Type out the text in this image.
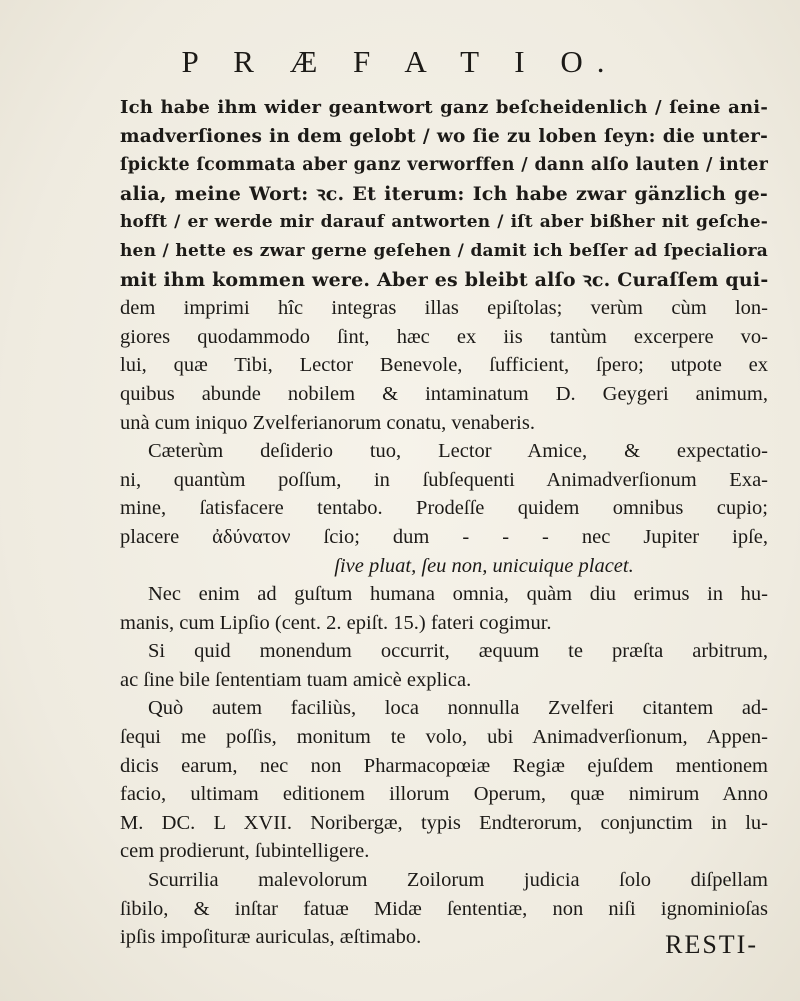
P R Æ F A T I O.
Ich habe ihm wider geantwort ganz beſcheidenlich / ſeine ani-
madverſiones in dem gelobt / wo ſie zu loben ſeyn: die unter-
ſpickte ſcommata aber ganz verworffen / dann alſo lauten / inter
alia, meine Wort: ꝛc. Et iterum: Ich habe zwar gänzlich ge-
hofft / er werde mir darauf antworten / iſt aber bißher nit geſche-
hen / hette es zwar gerne geſehen / damit ich beſſer ad ſpecialiora
mit ihm kommen were. Aber es bleibt alſo ꝛc. Curaſſem qui-
dem imprimi hîc integras illas epiſtolas; verùm cùm lon-
giores quodammodo ſint, hæc ex iis tantùm excerpere vo-
lui, quæ Tibi, Lector Benevole, ſufficient, ſpero; utpote ex
quibus abunde nobilem & intaminatum D. Geygeri animum,
unà cum iniquo Zvelferianorum conatu, venaberis.
Cæterùm deſiderio tuo, Lector Amice, & expectatio-
ni, quantùm poſſum, in ſubſequenti Animadverſionum Exa-
mine, ſatisfacere tentabo. Prodeſſe quidem omnibus cupio;
placere ἀδύνατον ſcio; dum - - - nec Jupiter ipſe,
ſive pluat, ſeu non, unicuique placet.
Nec enim ad guſtum humana omnia, quàm diu erimus in hu-
manis, cum Lipſio (cent. 2. epiſt. 15.) fateri cogimur.
Si quid monendum occurrit, æquum te præſta arbitrum,
ac ſine bile ſententiam tuam amicè explica.
Quò autem faciliùs, loca nonnulla Zvelferi citantem ad-
ſequi me poſſis, monitum te volo, ubi Animadverſionum, Appen-
dicis earum, nec non Pharmacopœiæ Regiæ ejuſdem mentionem
facio, ultimam editionem illorum Operum, quæ nimirum Anno
M. DC. L XVII. Noribergæ, typis Endterorum, conjunctim in lu-
cem prodierunt, ſubintelligere.
Scurrilia malevolorum Zoilorum judicia ſolo diſpellam
ſibilo, & inſtar fatuæ Midæ ſententiæ, non niſi ignominioſas
ipſis impoſituræ auriculas, æſtimabo.	RESTI-
